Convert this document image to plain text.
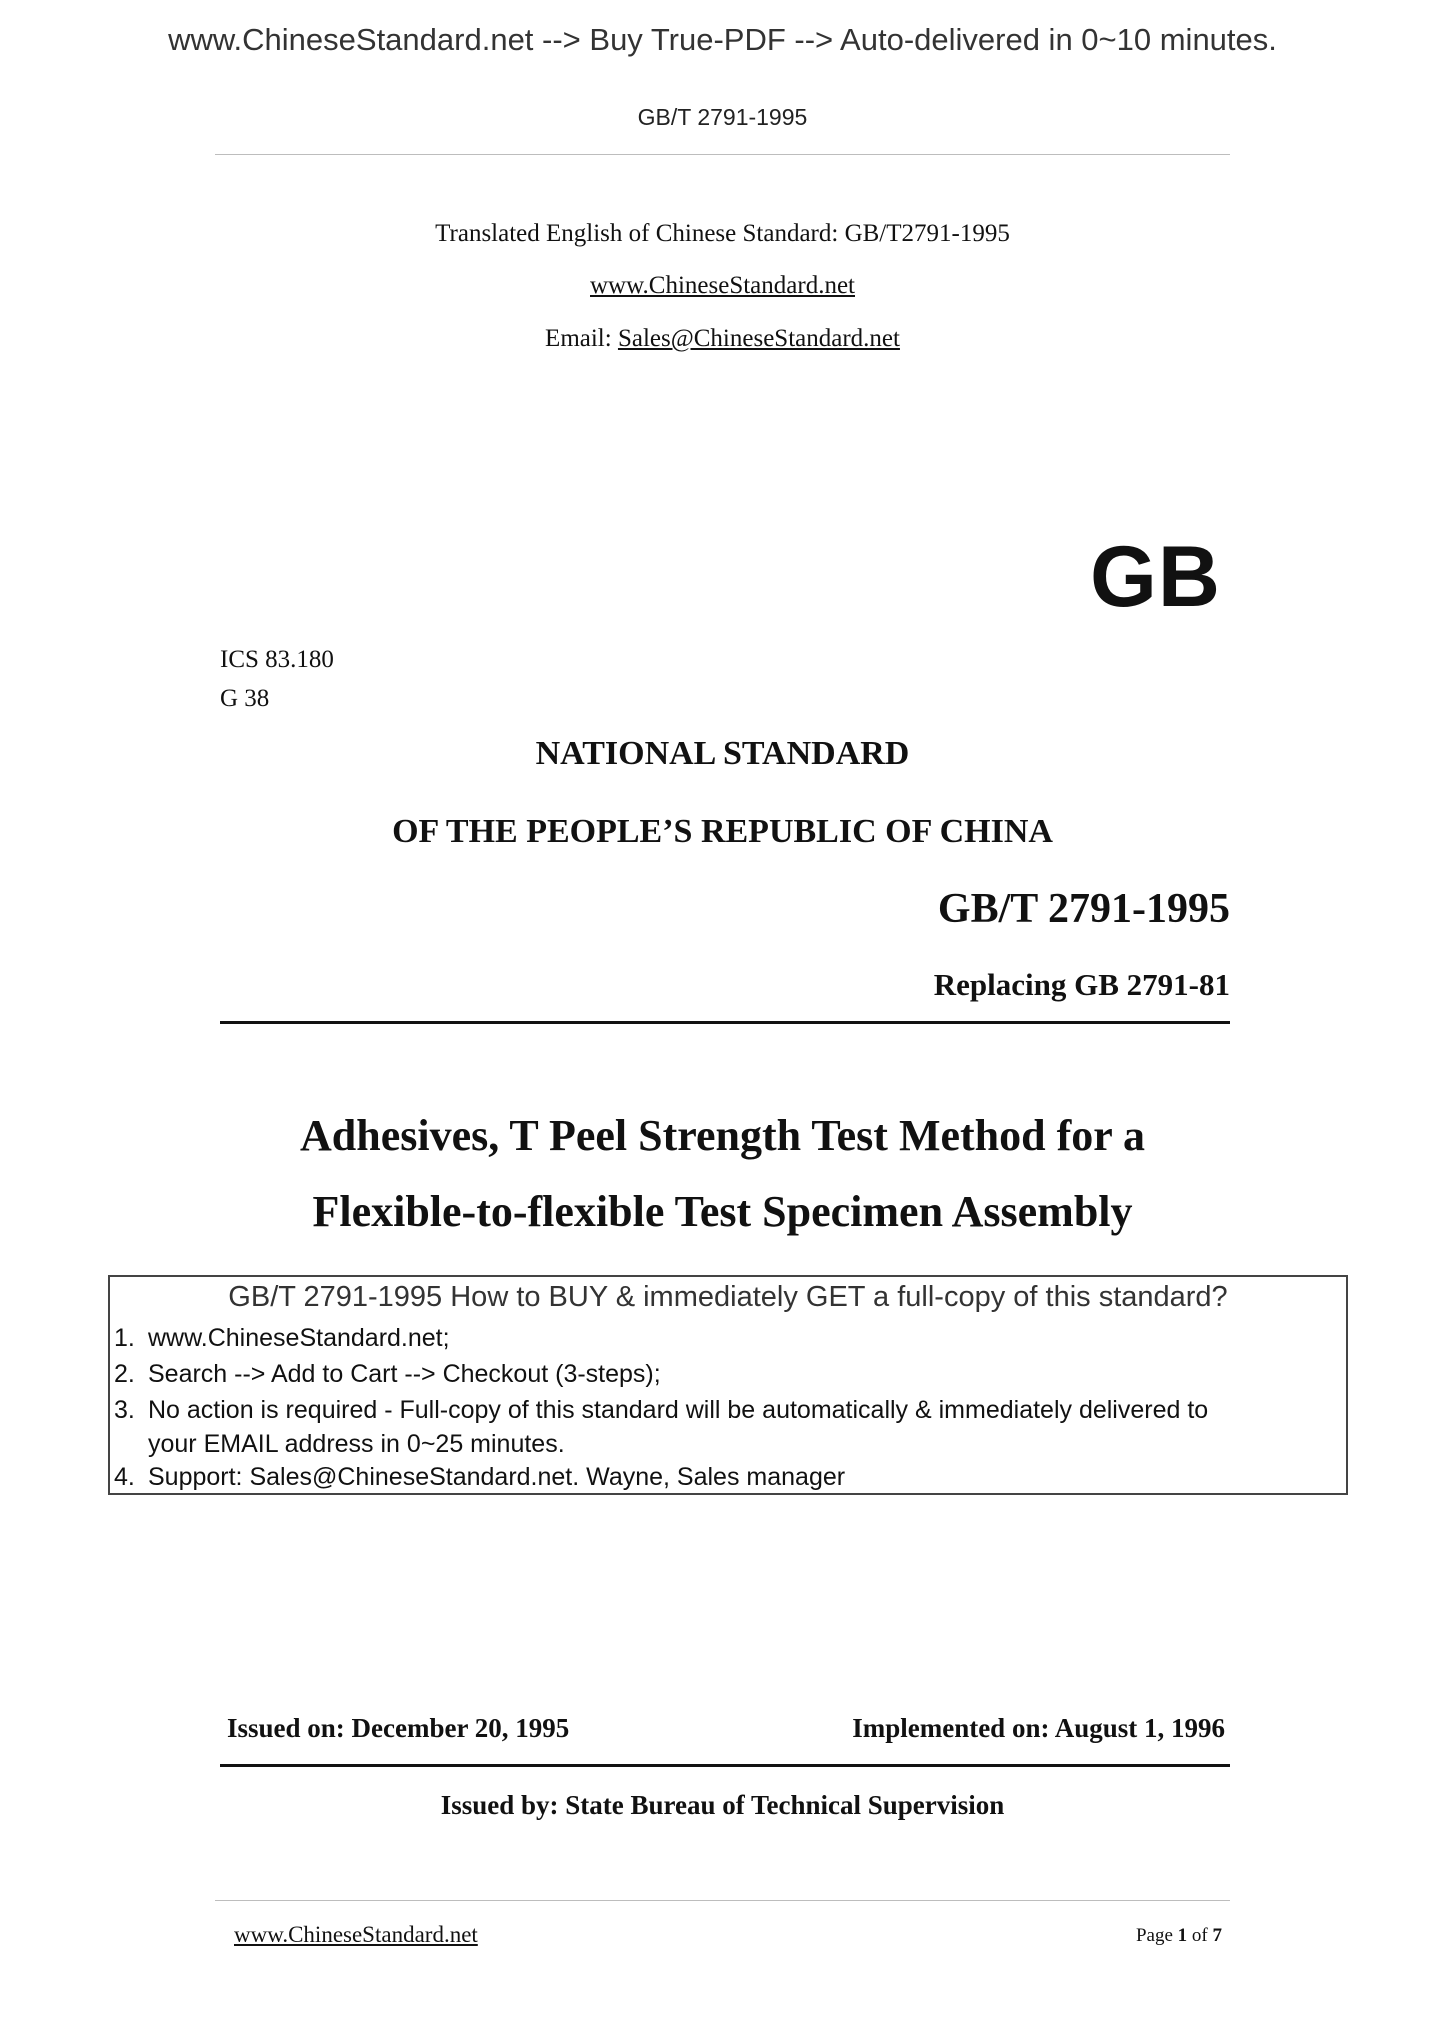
www.ChineseStandard.net --> Buy True-PDF --> Auto-delivered in 0~10 minutes.
GB/T 2791-1995
Translated English of Chinese Standard: GB/T2791-1995
www.ChineseStandard.net
Email: Sales@ChineseStandard.net
GB
ICS 83.180
G 38
NATIONAL STANDARD
OF THE PEOPLE’S REPUBLIC OF CHINA
GB/T 2791-1995
Replacing GB 2791-81
Adhesives, T Peel Strength Test Method for a
Flexible-to-flexible Test Specimen Assembly
GB/T 2791-1995 How to BUY & immediately GET a full-copy of this standard?
1. www.ChineseStandard.net;
2. Search --> Add to Cart --> Checkout (3-steps);
3. No action is required - Full-copy of this standard will be automatically & immediately delivered to
your EMAIL address in 0~25 minutes.
4. Support: Sales@ChineseStandard.net. Wayne, Sales manager
Issued on: December 20, 1995	Implemented on: August 1, 1996
Issued by: State Bureau of Technical Supervision
www.ChineseStandard.net	Page 1 of 7
